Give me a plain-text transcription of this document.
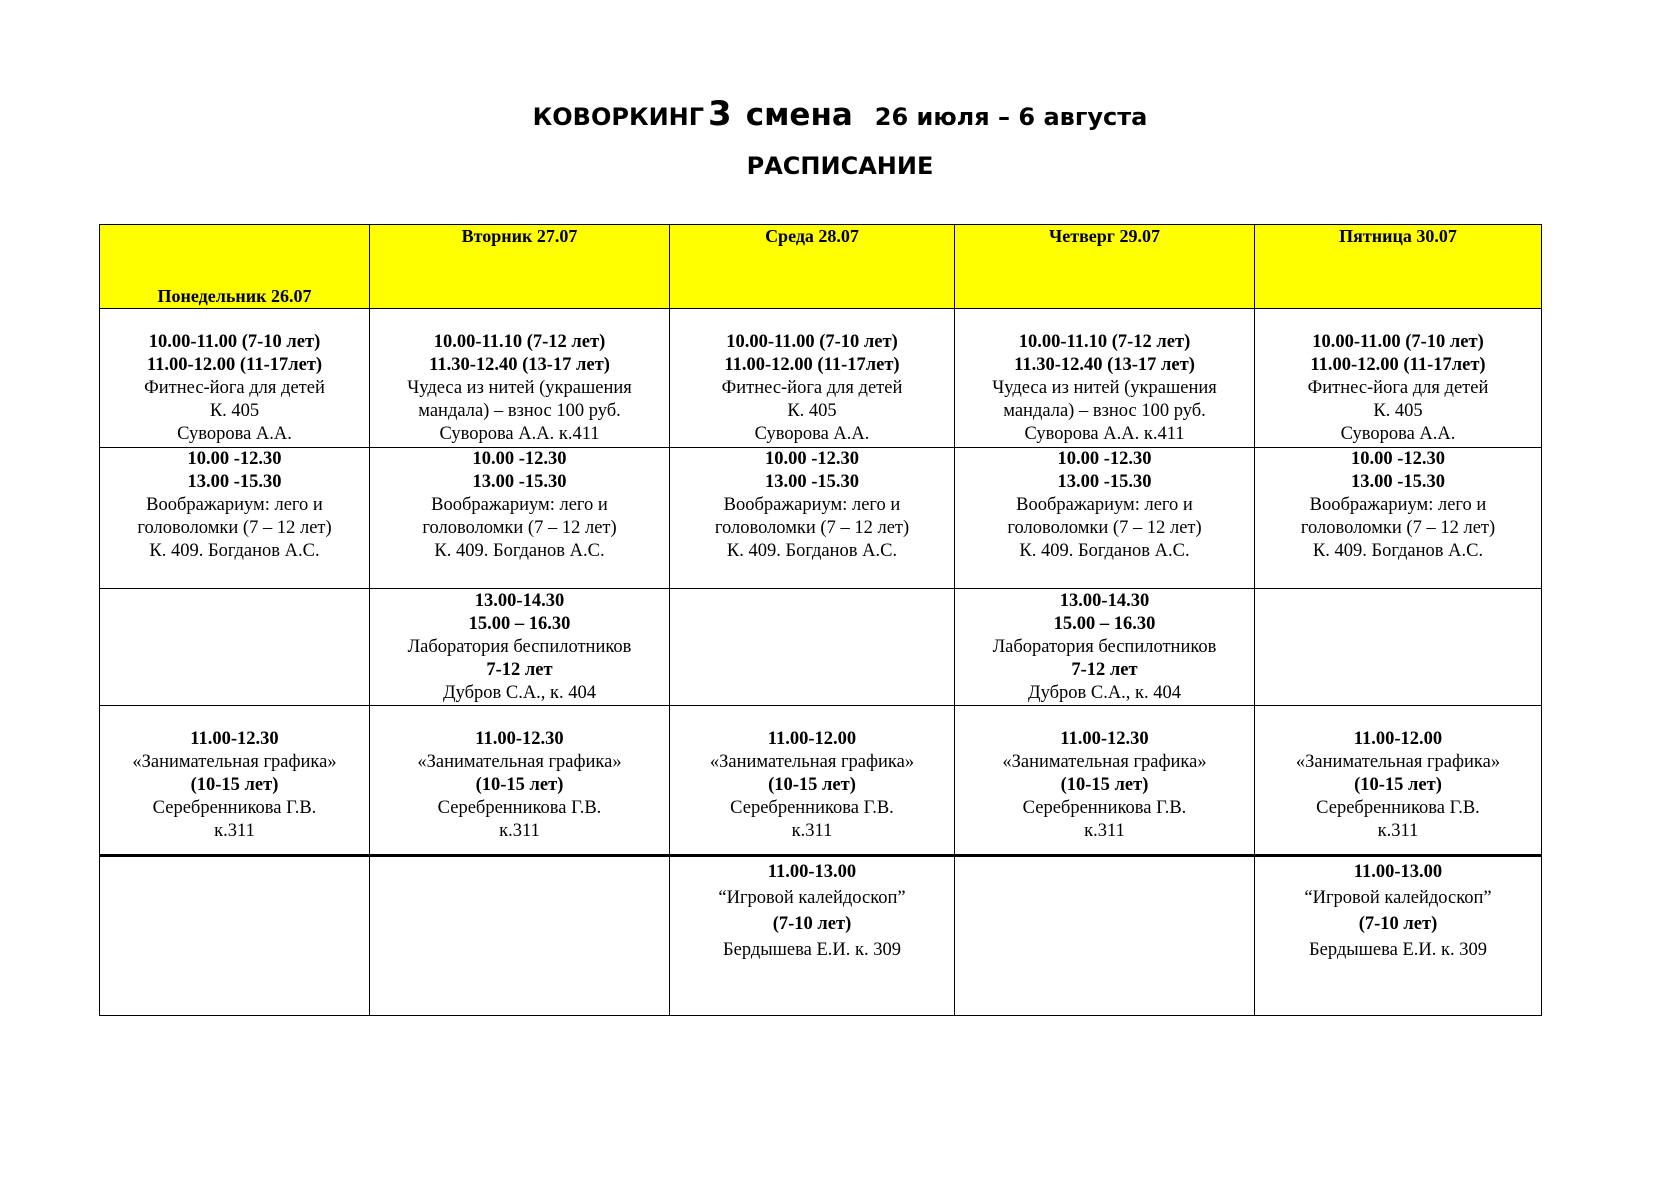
КОВОРКИНГ 3 смена 26 июля – 6 августа
РАСПИСАНИЕ
Понедельник 26.07	Вторник 27.07	Среда 28.07	Четверг 29.07	Пятница 30.07

10.00-11.00 (7-10 лет)
11.00-12.00 (11-17лет)
Фитнес-йога для детей
К. 405
Суворова А.А.	10.00-11.10 (7-12 лет)
11.30-12.40 (13-17 лет)
Чудеса из нитей (украшения
мандала) – взнос 100 руб.
Суворова А.А. к.411	10.00-11.00 (7-10 лет)
11.00-12.00 (11-17лет)
Фитнес-йога для детей
К. 405
Суворова А.А.	10.00-11.10 (7-12 лет)
11.30-12.40 (13-17 лет)
Чудеса из нитей (украшения
мандала) – взнос 100 руб.
Суворова А.А. к.411	10.00-11.00 (7-10 лет)
11.00-12.00 (11-17лет)
Фитнес-йога для детей
К. 405
Суворова А.А.

10.00 -12.30
13.00 -15.30
Воображариум: лего и
головоломки (7 – 12 лет)
К. 409. Богданов А.С.	10.00 -12.30
13.00 -15.30
Воображариум: лего и
головоломки (7 – 12 лет)
К. 409. Богданов А.С.	10.00 -12.30
13.00 -15.30
Воображариум: лего и
головоломки (7 – 12 лет)
К. 409. Богданов А.С.	10.00 -12.30
13.00 -15.30
Воображариум: лего и
головоломки (7 – 12 лет)
К. 409. Богданов А.С.	10.00 -12.30
13.00 -15.30
Воображариум: лего и
головоломки (7 – 12 лет)
К. 409. Богданов А.С.

	13.00-14.30
15.00 – 16.30
Лаборатория беспилотников
7-12 лет
Дубров С.А., к. 404		13.00-14.30
15.00 – 16.30
Лаборатория беспилотников
7-12 лет
Дубров С.А., к. 404	

11.00-12.30
«Занимательная графика»
(10-15 лет)
Серебренникова Г.В.
к.311	11.00-12.30
«Занимательная графика»
(10-15 лет)
Серебренникова Г.В.
к.311	11.00-12.00
«Занимательная графика»
(10-15 лет)
Серебренникова Г.В.
к.311	11.00-12.30
«Занимательная графика»
(10-15 лет)
Серебренникова Г.В.
к.311	11.00-12.00
«Занимательная графика»
(10-15 лет)
Серебренникова Г.В.
к.311

		11.00-13.00
“Игровой калейдоскоп”
(7-10 лет)
Бердышева Е.И. к. 309		11.00-13.00
“Игровой калейдоскоп”
(7-10 лет)
Бердышева Е.И. к. 309
